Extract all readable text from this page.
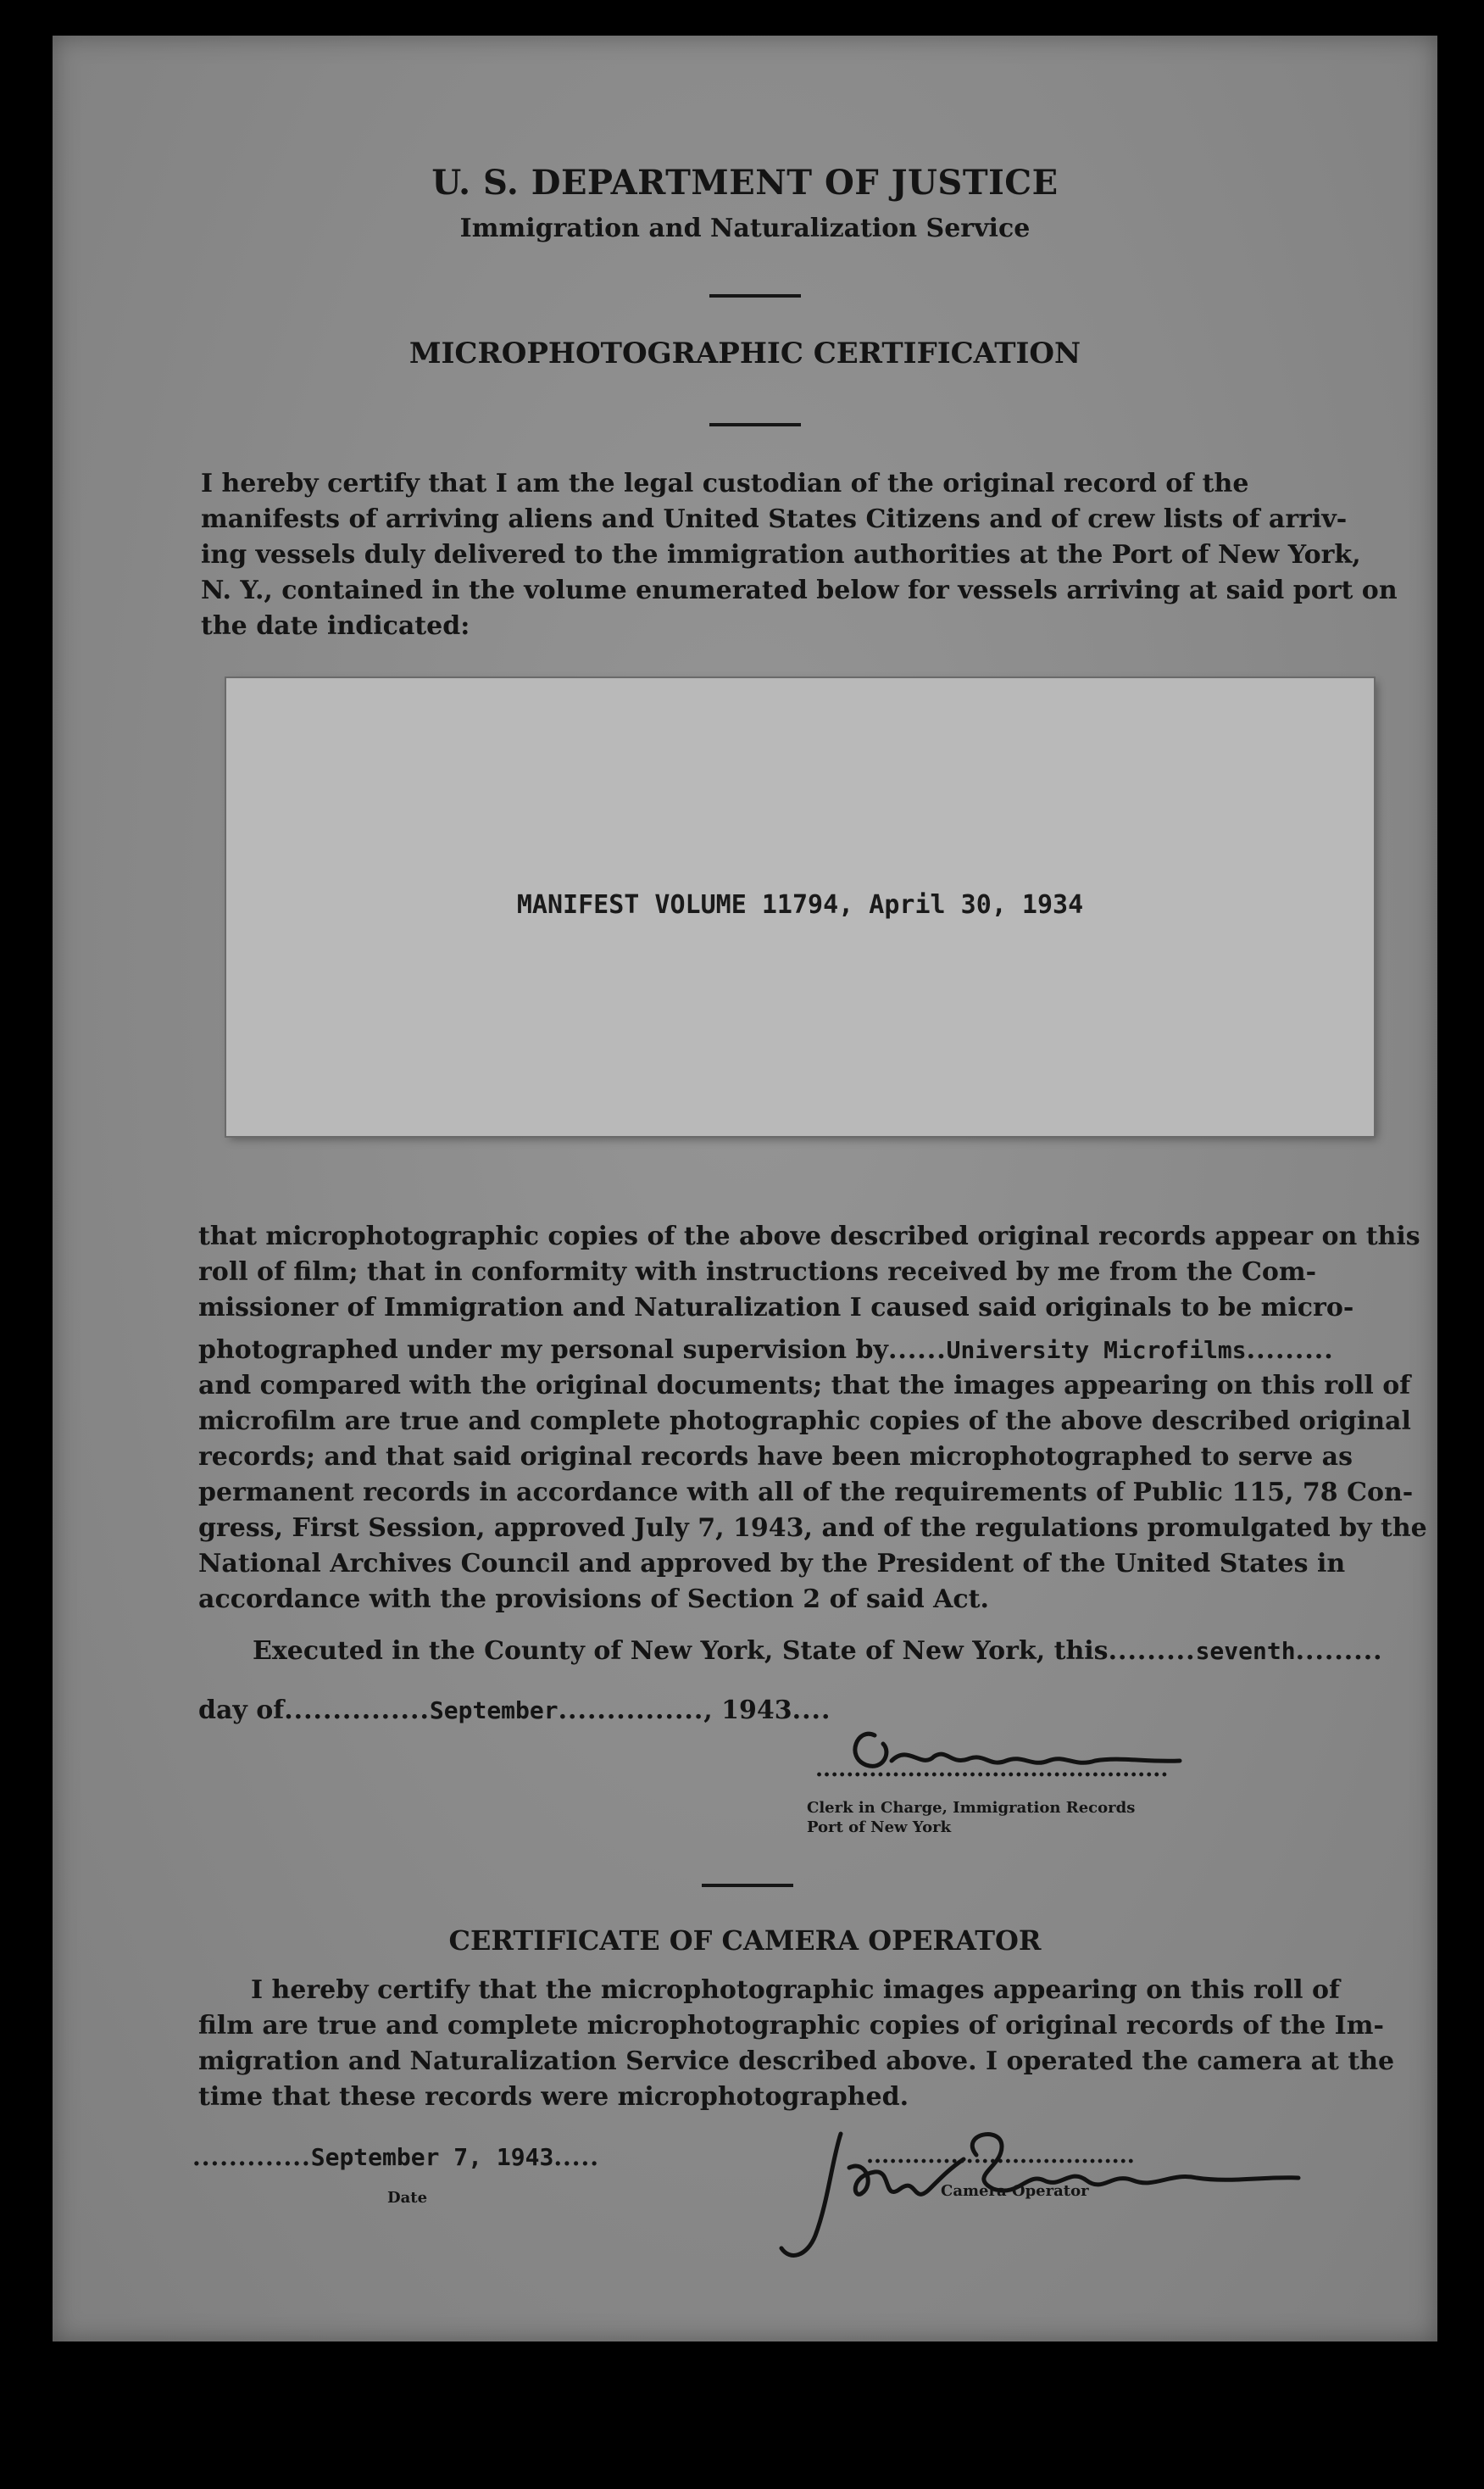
U. S. DEPARTMENT OF JUSTICE
Immigration and Naturalization Service
MICROPHOTOGRAPHIC CERTIFICATION
I hereby certify that I am the legal custodian of the original record of the
manifests of arriving aliens and United States Citizens and of crew lists of arriv-
ing vessels duly delivered to the immigration authorities at the Port of New York,
N. Y., contained in the volume enumerated below for vessels arriving at said port on
the date indicated:
MANIFEST VOLUME 11794, April 30, 1934
that microphotographic copies of the above described original records appear on this
roll of film; that in conformity with instructions received by me from the Com-
missioner of Immigration and Naturalization I caused said originals to be micro-
photographed under my personal supervision by......University Microfilms.........
and compared with the original documents; that the images appearing on this roll of
microfilm are true and complete photographic copies of the above described original
records; and that said original records have been microphotographed to serve as
permanent records in accordance with all of the requirements of Public 115, 78 Con-
gress, First Session, approved July 7, 1943, and of the regulations promulgated by the
National Archives Council and approved by the President of the United States in
accordance with the provisions of Section 2 of said Act.
Executed in the County of New York, State of New York, this.........seventh.........
day of...............September..............., 1943....
..............................................
Clerk in Charge, Immigration Records
Port of New York
CERTIFICATE OF CAMERA OPERATOR
I hereby certify that the microphotographic images appearing on this roll of
film are true and complete microphotographic copies of original records of the Im-
migration and Naturalization Service described above. I operated the camera at the
time that these records were microphotographed.
.............September 7, 1943.....
Date
...................................
Camera Operator
